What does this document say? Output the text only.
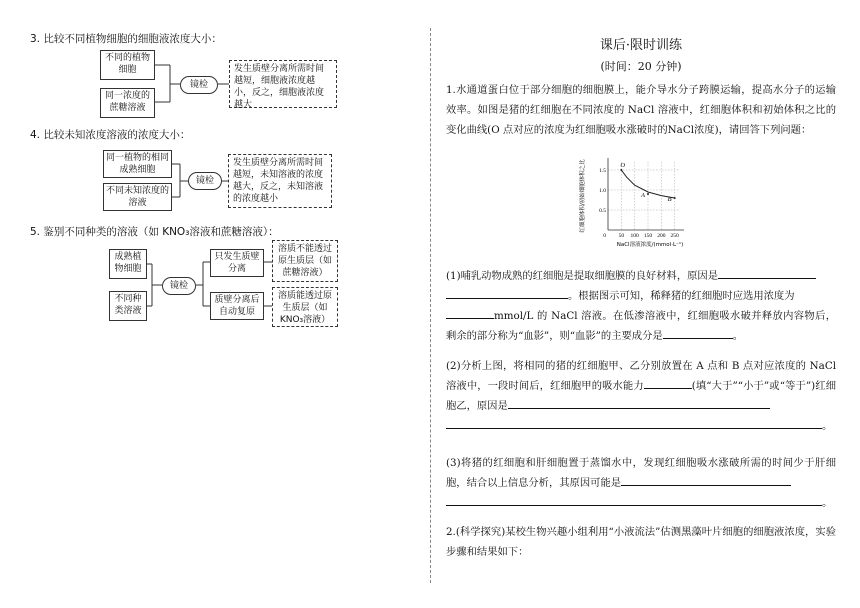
3. 比较不同植物细胞的细胞液浓度大小：
不同的植物细胞
同一浓度的蔗糖溶液
镜检
发生质壁分离所需时间越短，细胞液浓度越小，反之，细胞液浓度越大
4. 比较未知浓度溶液的浓度大小：
同一植物的相同成熟细胞
不同未知浓度的溶液
镜检
发生质壁分离所需时间越短，未知溶液的浓度越大，反之，未知溶液的浓度越小
5. 鉴别不同种类的溶液（如 KNO₃溶液和蔗糖溶液）：
成熟植物细胞
不同种类溶液
镜检
只发生质壁分离
质壁分离后自动复原
溶质不能透过原生质层（如蔗糖溶液）
溶质能透过原生质层（如KNO₃溶液）
课后·限时训练
(时间：20 分钟)
1.水通道蛋白位于部分细胞的细胞膜上，能介导水分子跨膜运输，提高水分子的运输效率。如图是猪的红细胞在不同浓度的 NaCl 溶液中，红细胞体积和初始体积之比的变化曲线(O 点对应的浓度为红细胞吸水涨破时的NaCl浓度)，请回答下列问题：
50 100 150 200 250
0.5
1.0
1.5
0
NaCl溶液浓度/(mmol·L⁻¹)
红细胞体积/初始细胞体积之比	O
A
B
(1)哺乳动物成熟的红细胞是提取细胞膜的良好材料，原因是
。根据图示可知，稀释猪的红细胞时应选用浓度为
mmol/L 的 NaCl 溶液。在低渗溶液中，红细胞吸水破并释放内容物后，剩余的部分称为“血影”，则“血影”的主要成分是	。
(2)分析上图，将相同的猪的红细胞甲、乙分别放置在 A 点和 B 点对应浓度的 NaCl 溶液中，一段时间后，红细胞甲的吸水能力	(填“大于”“小于”或“等于”)红细胞乙，原因是
。
(3)将猪的红细胞和肝细胞置于蒸馏水中，发现红细胞吸水涨破所需的时间少于肝细胞，结合以上信息分析，其原因可能是
。
2.(科学探究)某校生物兴趣小组利用“小液流法”估测黑藻叶片细胞的细胞液浓度，实验步骤和结果如下：
